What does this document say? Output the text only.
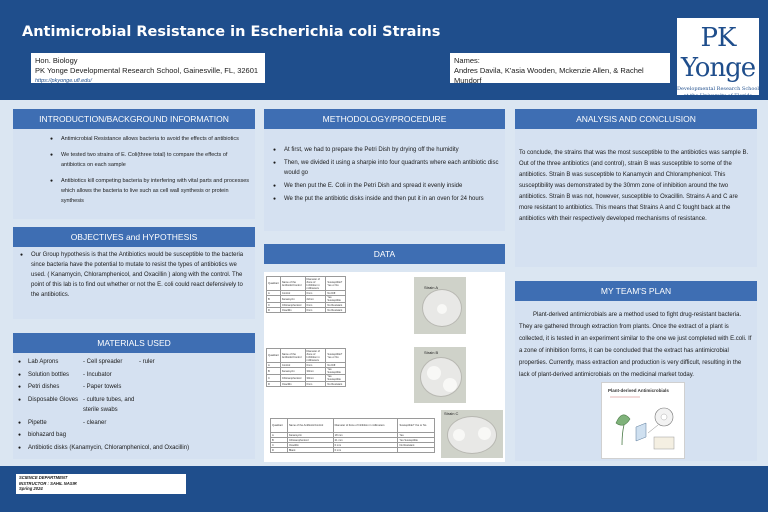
Antimicrobial Resistance in Escherichia coli Strains
Hon. Biology
PK Yonge Developmental Research School, Gainesville, FL, 32601
https://pkyonge.ufl.edu/
Names:
Andres Davila, K'asia Wooden, Mckenzie Allen, & Rachel Mundorf
PK Yonge
Developmental Research School at the University of Florida
INTRODUCTION/BACKGROUND INFORMATION
● Antimicrobial Resistance allows bacteria to avoid the effects of antibiotics
● We tested two strains of E. Coli(three total) to compare the effects of antibiotics on each sample
● Antibiotics kill competing bacteria by interfering with vital parts and processes which allows the bacteria to live such as cell wall synthesis or protein synthesis
OBJECTIVES and HYPOTHESIS
● Our Group hypothesis is that the Antibiotics would be susceptible to the bacteria since bacteria have the potential to mutate to resist the types of antibiotics we used. ( Kanamycin, Chloramphenicol, and Oxacillin ) along with the control. The point of this lab is to find out whether or not the E. coli could react defensively to the antibiotics.
MATERIALS USED
● Lab Aprons	- Cell spreader	- ruler
● Solution bottles	- Incubator
● Petri dishes	- Paper towels
● Disposable Gloves - culture tubes, and sterile swabs
● Pipette	- cleaner
● biohazard bag
● Antibiotic disks (Kanamycin, Chloramphenicol, and Oxacillin)
METHODOLOGY/PROCEDURE
● At first, we had to prepare the Petri Dish by drying off the humidity
● Then, we divided it using a sharpie into four quadrants where each antibiotic disc would go
● We then put the E. Coli in the Petri Dish and spread it evenly inside
● We the put the antibiotic disks inside and then put it in an oven for 24 hours
DATA
Quadrant	Name of the Antibiotic/Control	Diameter of Zone of Inhibition in millimeters	Susceptible? Yes or No
A	Control	0mm	No Diff.
B	Kanamycin	22mm	Yes Susceptible
C	Chloramphenicol	0mm	No Resistant
D	Oxacillin	0mm	No Resistant
Quadrant	Name of the Antibiotic/Control	Diameter of Zone of Inhibition in millimeters	Susceptible? Yes or No
A	Control	0mm	No Diff.
B	Kanamycin	30mm	Yes Susceptible
C	Chloramphenicol	30mm	Yes Susceptible
D	Oxacillin	0mm	No Resistant
Quadrant	Name of the Antibiotic/Control	Diameter of Zone of Inhibition in millimeters	Susceptible? Yes or No
A	Kanamycin	18 mm	Yes
B	Chloramphenicol	21 mm	Yes Susceptible
C	Oxacillin	0 mm	No Resistant
D	Blank	0 mm	
Strain A
Strain B
Strain C
ANALYSIS AND CONCLUSION
To conclude, the strains that was the most susceptible to the antibiotics was sample B. Out of the three antibiotics (and control), strain B was susceptible to some of the antibiotics. Strain B was susceptible to Kanamycin and Chloramphenicol. This susceptibility was demonstrated by the 30mm zone of inhibition around the two antibiotics. Strain B was not, however, susceptible to Oxacillin. Strains A and C are more resistant to antibiotics. This means that Strains A and C fought back at the antibiotics with their respectively developed mechanisms of resistance.
MY TEAM'S PLAN
Plant-derived antimicrobials are a method used to fight drug-resistant bacteria. They are gathered through extraction from plants. Once the extract of a plant is collected, it is tested in an experiment similar to the one we just completed with E.coli. If a zone of inhibition forms, it can be concluded that the extract has antimicrobial properties. Currently, mass extraction and production is very difficult, resulting in the lack of plant-derived antimicrobials on the medicinal market today.
Plant-derived Antimicrobials
SCIENCE DEPARTMENT
INSTRUCTOR : SAHIL NASIR
Spring 2024
